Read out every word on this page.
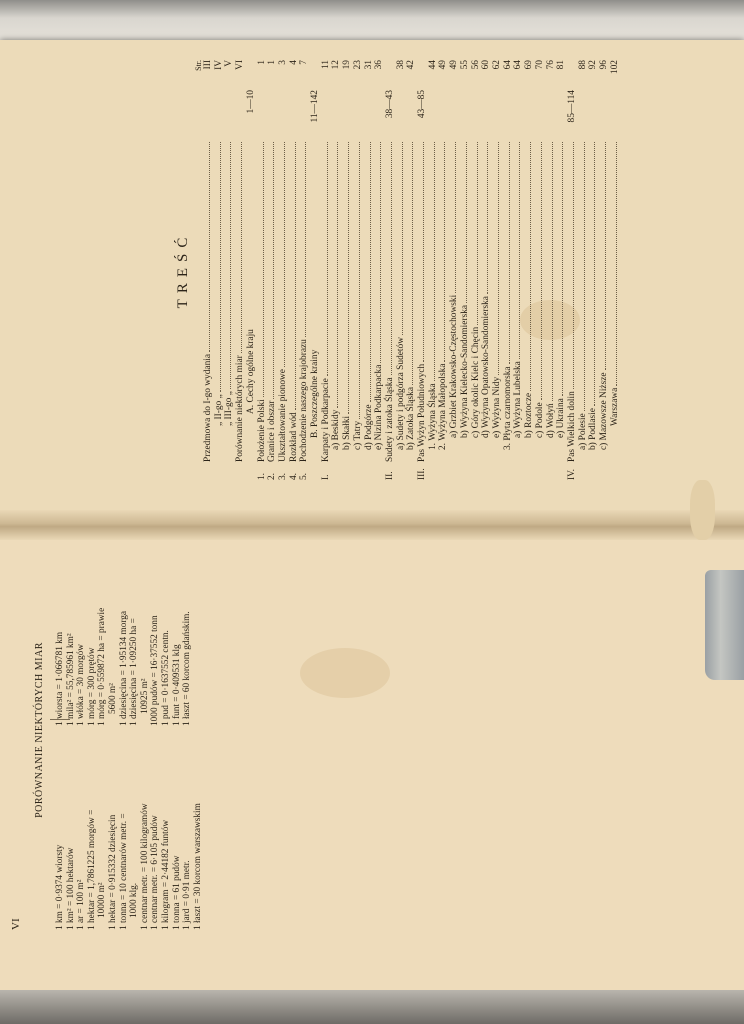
TREŚĆ
Str.
Przedmowa do I-go wydania
III
„ II-go „
IV
„ III-go „
V
Porównanie niektórych miar
VI
A. Cechy ogólne kraju
1—10
1.
Położenie Polski
1
2.
Granice i obszar
1
3.
Ukształtowanie pionowe
3
4.
Rozkład wód
4
5.
Pochodzenie naszego krajobrazu
7
B. Poszczególne krainy
11—142
I.
Karpaty i Podkarpacie
11
a) Beskidy
12
b) Skałki
19
c) Tatry
23
d) Podgórze
31
e) Nizina Podkarpacka
36
II.
Sudety i zatoka Śląska
38—43
a) Sudety i podgórza Sudetów
38
b) Zatoka Śląska
42
III.
Pas Wyżyn Południowych
43—85
1. Wyżyna Śląska
44
2. Wyżyna Małopolska
49
a) Grzbiet Krakowsko-Częstochowski
49
b) Wyżyna Kielecko-Sandomierska
55
c) Góry okolic Kielc i Chęcin
56
d) Wyżyna Opatowsko-Sandomierska
60
e) Wyżyna Nidy
62
3. Płyta czarnomorska
64
a) Wyżyna Lubelska
64
b) Roztocze
69
c) Podole
70
d) Wołyń
76
e) Ukraina
81
IV.
Pas Wielkich dolin
85—114
a) Polesie
88
b) Podlasie
92
c) Mazowsze Niższe
96
Warszawa
102
VI
PORÓWNANIE NIEKTÓRYCH MIAR
1 km = 0·9374 wiorsty 1 km² = 100 hektarów 1 ar = 100 m² 1 hektar = 1,7861225 morgów = 10000 m² 1 hektar = 0·915332 dziesięcin 1 tonna = 10 centnarów metr. = 1000 klg. 1 centnar metr. = 100 kilogramów 1 centnar metr. = 6·105 pudów 1 kilogram = 2·44182 funtów 1 tonna = 61 pudów 1 jard = 0·91 metr. 1 łaszt = 30 korcom warszawskim
1 wiorsta = 1·066781 km 1 mila² = 55,785961 km² 1 włóka = 30 morgów 1 mórg = 300 prętów 1 mórg = 0·559872 ha = prawie 5600 m² 1 dziesięcina = 1·95134 morga 1 dziesięcina = 1·09250 ha = 10925 m² 1000 pudów = 16·37552 tonn 1 pud = 0·1637552 centn. 1 funt = 0·409531 klg 1 łaszt = 60 korcom gdańskim.
